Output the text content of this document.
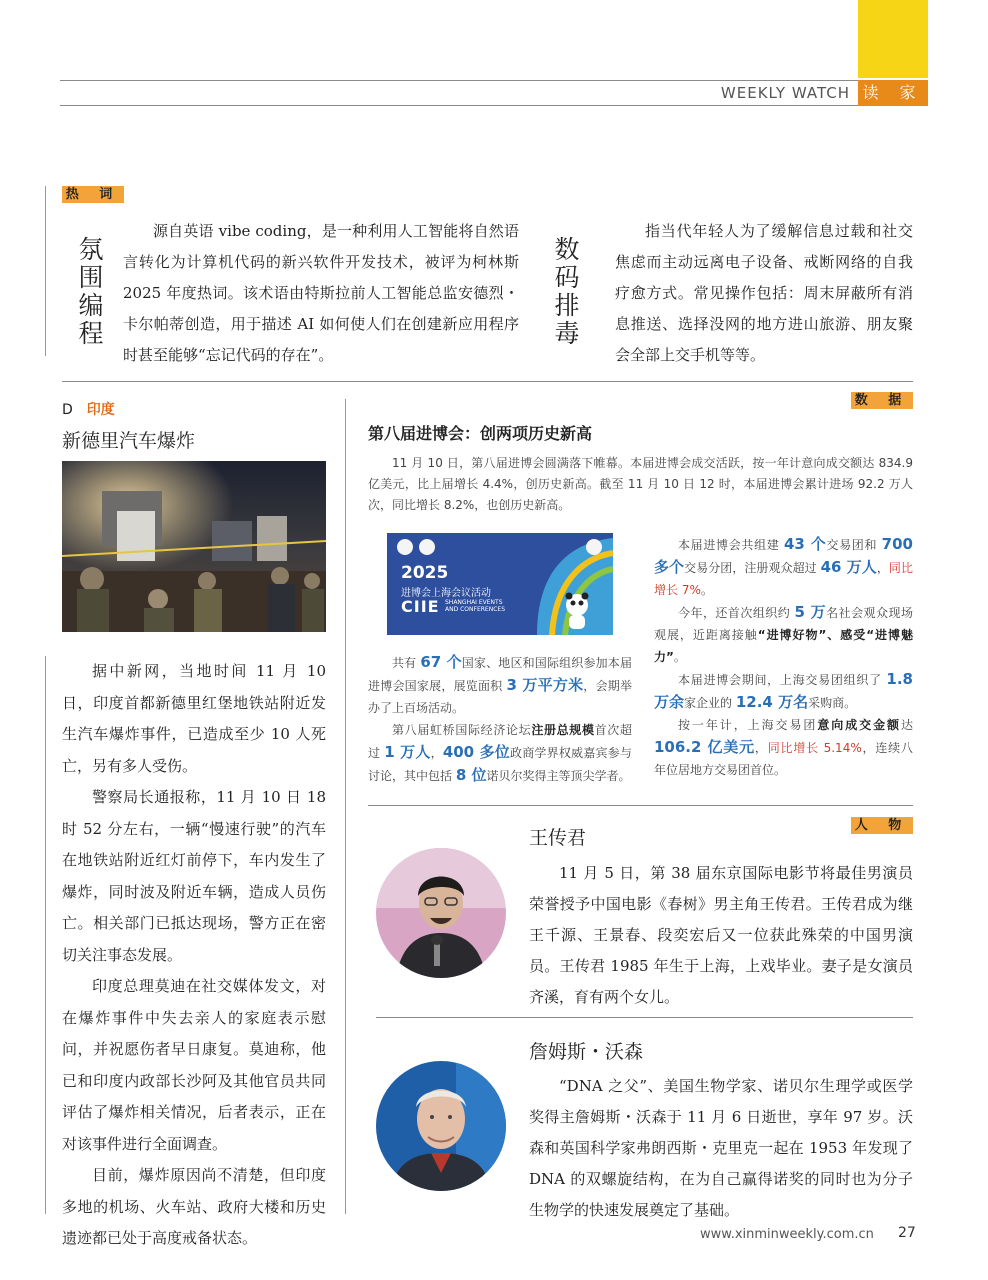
WEEKLY WATCH 读 家
热 词
氛
围
编
程
源自英语 vibe coding，是一种利用人工智能将自然语言转化为计算机代码的新兴软件开发技术，被评为柯林斯 2025 年度热词。该术语由特斯拉前人工智能总监安德烈・卡尔帕蒂创造，用于描述 AI 如何使人们在创建新应用程序时甚至能够“忘记代码的存在”。
数
码
排
毒
指当代年轻人为了缓解信息过载和社交焦虑而主动远离电子设备、戒断网络的自我疗愈方式。常见操作包括：周末屏蔽所有消息推送、选择没网的地方进山旅游、朋友聚会全部上交手机等等。
D 印度
新德里汽车爆炸

据中新网，当地时间 11 月 10 日，印度首都新德里红堡地铁站附近发生汽车爆炸事件，已造成至少 10 人死亡，另有多人受伤。

警察局长通报称，11 月 10 日 18 时 52 分左右，一辆“慢速行驶”的汽车在地铁站附近红灯前停下，车内发生了爆炸，同时波及附近车辆，造成人员伤亡。相关部门已抵达现场，警方正在密切关注事态发展。

印度总理莫迪在社交媒体发文，对在爆炸事件中失去亲人的家庭表示慰问，并祝愿伤者早日康复。莫迪称，他已和印度内政部长沙阿及其他官员共同评估了爆炸相关情况，后者表示，正在对该事件进行全面调查。

目前，爆炸原因尚不清楚，但印度多地的机场、火车站、政府大楼和历史遗迹都已处于高度戒备状态。

数 据
第八届进博会：创两项历史新高
11 月 10 日，第八届进博会圆满落下帷幕。本届进博会成交活跃，按一年计意向成交额达 834.9 亿美元，比上届增长 4.4%，创历史新高。截至 11 月 10 日 12 时，本届进博会累计进场 92.2 万人次，同比增长 8.2%，也创历史新高。
2025
进博会上海会议活动
CIIE SHANGHAI EVENTS
AND CONFERENCES

共有 67 个国家、地区和国际组织参加本届进博会国家展，展览面积 3 万平方米，会期举办了上百场活动。

第八届虹桥国际经济论坛注册总规模首次超过 1 万人，400 多位政商学界权威嘉宾参与讨论，其中包括 8 位诺贝尔奖得主等顶尖学者。

本届进博会共组建 43 个交易团和 700 多个交易分团，注册观众超过 46 万人，同比增长 7%。

今年，还首次组织约 5 万名社会观众现场观展，近距离接触“进博好物”、感受“进博魅力”。

本届进博会期间，上海交易团组织了 1.8 万余家企业的 12.4 万名采购商。

按一年计，上海交易团意向成交金额达 106.2 亿美元，同比增长 5.14%，连续八年位居地方交易团首位。

人 物
王传君
11 月 5 日，第 38 届东京国际电影节将最佳男演员荣誉授予中国电影《春树》男主角王传君。王传君成为继王千源、王景春、段奕宏后又一位获此殊荣的中国男演员。王传君 1985 年生于上海，上戏毕业。妻子是女演员齐溪，育有两个女儿。
詹姆斯・沃森
“DNA 之父”、美国生物学家、诺贝尔生理学或医学奖得主詹姆斯・沃森于 11 月 6 日逝世，享年 97 岁。沃森和英国科学家弗朗西斯・克里克一起在 1953 年发现了 DNA 的双螺旋结构，在为自己赢得诺奖的同时也为分子生物学的快速发展奠定了基础。
www.xinminweekly.com.cn 27
